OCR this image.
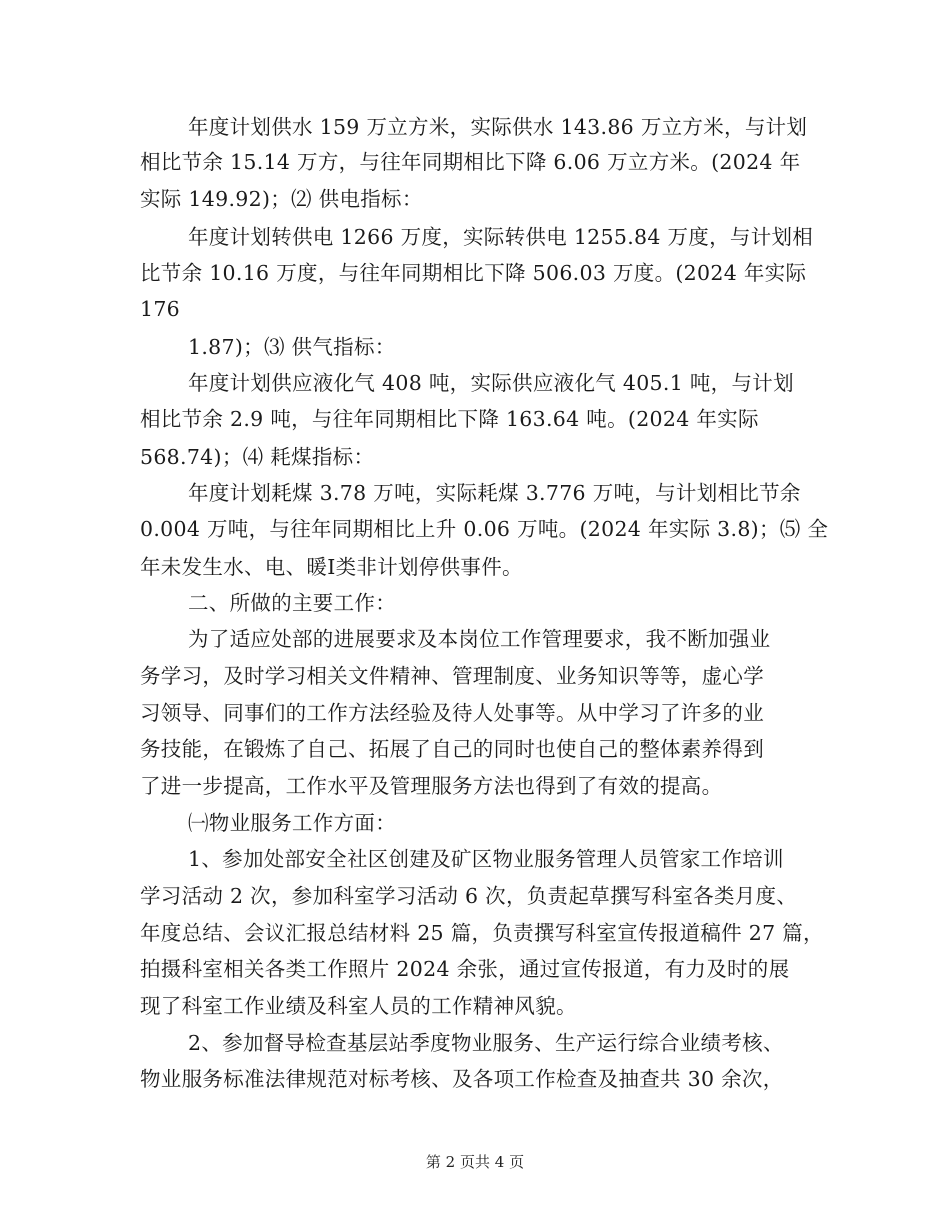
年度计划供水 159 万立方米，实际供水 143.86 万立方米，与计划
相比节余 15.14 万方，与往年同期相比下降 6.06 万立方米。(2024 年
实际 149.92)；⑵ 供电指标：
年度计划转供电 1266 万度，实际转供电 1255.84 万度，与计划相
比节余 10.16 万度，与往年同期相比下降 506.03 万度。(2024 年实际
176
1.87)；⑶ 供气指标：
年度计划供应液化气 408 吨，实际供应液化气 405.1 吨，与计划
相比节余 2.9 吨，与往年同期相比下降 163.64 吨。(2024 年实际
568.74)；⑷ 耗煤指标：
年度计划耗煤 3.78 万吨，实际耗煤 3.776 万吨，与计划相比节余
0.004 万吨，与往年同期相比上升 0.06 万吨。(2024 年实际 3.8)；⑸ 全
年未发生水、电、暖Ⅰ类非计划停供事件。
二、所做的主要工作：
为了适应处部的进展要求及本岗位工作管理要求，我不断加强业
务学习，及时学习相关文件精神、管理制度、业务知识等等，虚心学
习领导、同事们的工作方法经验及待人处事等。从中学习了许多的业
务技能，在锻炼了自己、拓展了自己的同时也使自己的整体素养得到
了进一步提高，工作水平及管理服务方法也得到了有效的提高。
㈠物业服务工作方面：
1、参加处部安全社区创建及矿区物业服务管理人员管家工作培训
学习活动 2 次，参加科室学习活动 6 次，负责起草撰写科室各类月度、
年度总结、会议汇报总结材料 25 篇，负责撰写科室宣传报道稿件 27 篇，
拍摄科室相关各类工作照片 2024 余张，通过宣传报道，有力及时的展
现了科室工作业绩及科室人员的工作精神风貌。
2、参加督导检查基层站季度物业服务、生产运行综合业绩考核、
物业服务标准法律规范对标考核、及各项工作检查及抽查共 30 余次，
第 2 页共 4 页
